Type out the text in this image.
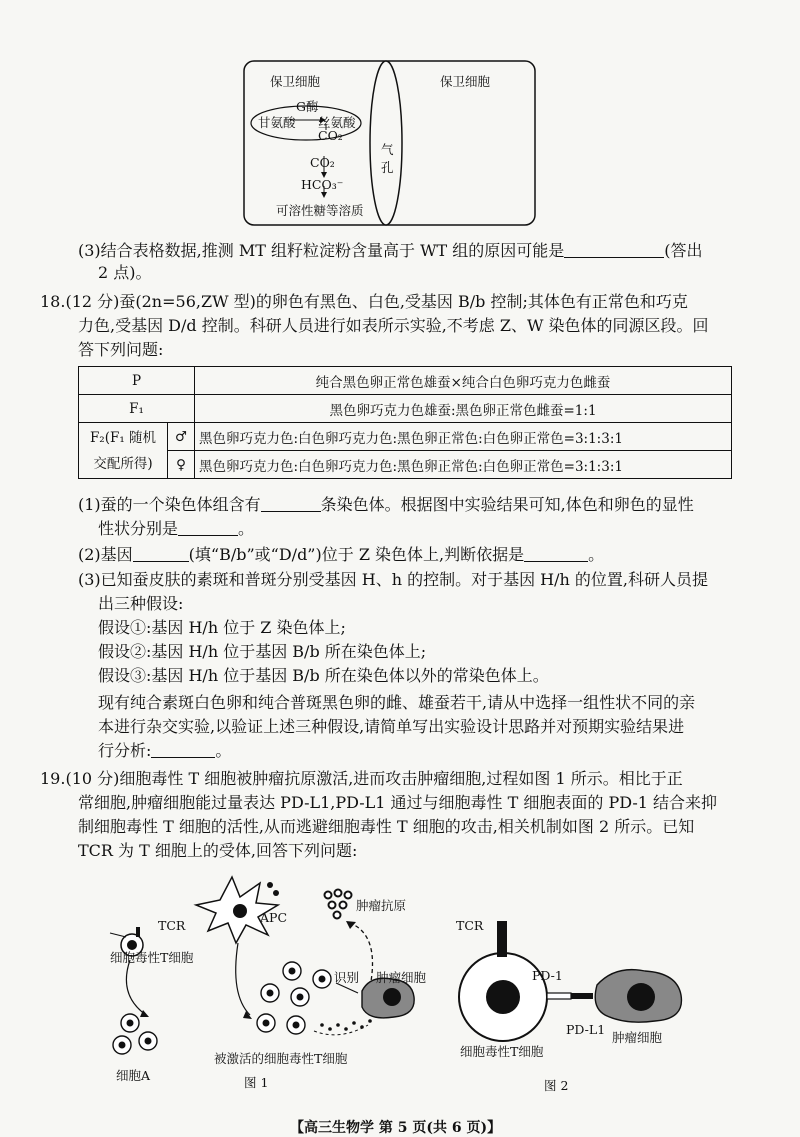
保卫细胞	保卫细胞
G酶
甘氨酸 丝氨酸
CO₂
CO₂
HCO₃⁻
可溶性糖等溶质
气
孔
(3)结合表格数据,推测 MT 组籽粒淀粉含量高于 WT 组的原因可能是	(答出
2 点)。
18.(12 分)蚕(2n=56,ZW 型)的卵色有黑色、白色,受基因 B/b 控制;其体色有正常色和巧克
力色,受基因 D/d 控制。科研人员进行如表所示实验,不考虑 Z、W 染色体的同源区段。回
答下列问题:
P		纯合黑色卵正常色雄蚕×纯合白色卵巧克力色雌蚕
F₁		黑色卵巧克力色雄蚕:黑色卵正常色雌蚕=1:1
F₂(F₁ 随机
交配所得)	♂	黑色卵巧克力色:白色卵巧克力色:黑色卵正常色:白色卵正常色=3:1:3:1
	♀	黑色卵巧克力色:白色卵巧克力色:黑色卵正常色:白色卵正常色=3:1:3:1
(1)蚕的一个染色体组含有	条染色体。根据图中实验结果可知,体色和卵色的显性
性状分别是	。
(2)基因	(填“B/b”或“D/d”)位于 Z 染色体上,判断依据是	。
(3)已知蚕皮肤的素斑和普斑分别受基因 H、h 的控制。对于基因 H/h 的位置,科研人员提
出三种假设:
假设①:基因 H/h 位于 Z 染色体上;
假设②:基因 H/h 位于基因 B/b 所在染色体上;
假设③:基因 H/h 位于基因 B/b 所在染色体以外的常染色体上。
现有纯合素斑白色卵和纯合普斑黑色卵的雌、雄蚕若干,请从中选择一组性状不同的亲
本进行杂交实验,以验证上述三种假设,请简单写出实验设计思路并对预期实验结果进
行分析:	。
19.(10 分)细胞毒性 T 细胞被肿瘤抗原激活,进而攻击肿瘤细胞,过程如图 1 所示。相比于正
常细胞,肿瘤细胞能过量表达 PD-L1,PD-L1 通过与细胞毒性 T 细胞表面的 PD-1 结合来抑
制细胞毒性 T 细胞的活性,从而逃避细胞毒性 T 细胞的攻击,相关机制如图 2 所示。已知
TCR 为 T 细胞上的受体,回答下列问题:
TCR
APC
肿瘤抗原
细胞毒性T细胞
识别 肿瘤细胞
被激活的细胞毒性T细胞
细胞A	图 1
TCR
PD-1
PD-L1
肿瘤细胞
细胞毒性T细胞
图 2
【高三生物学 第 5 页(共 6 页)】
